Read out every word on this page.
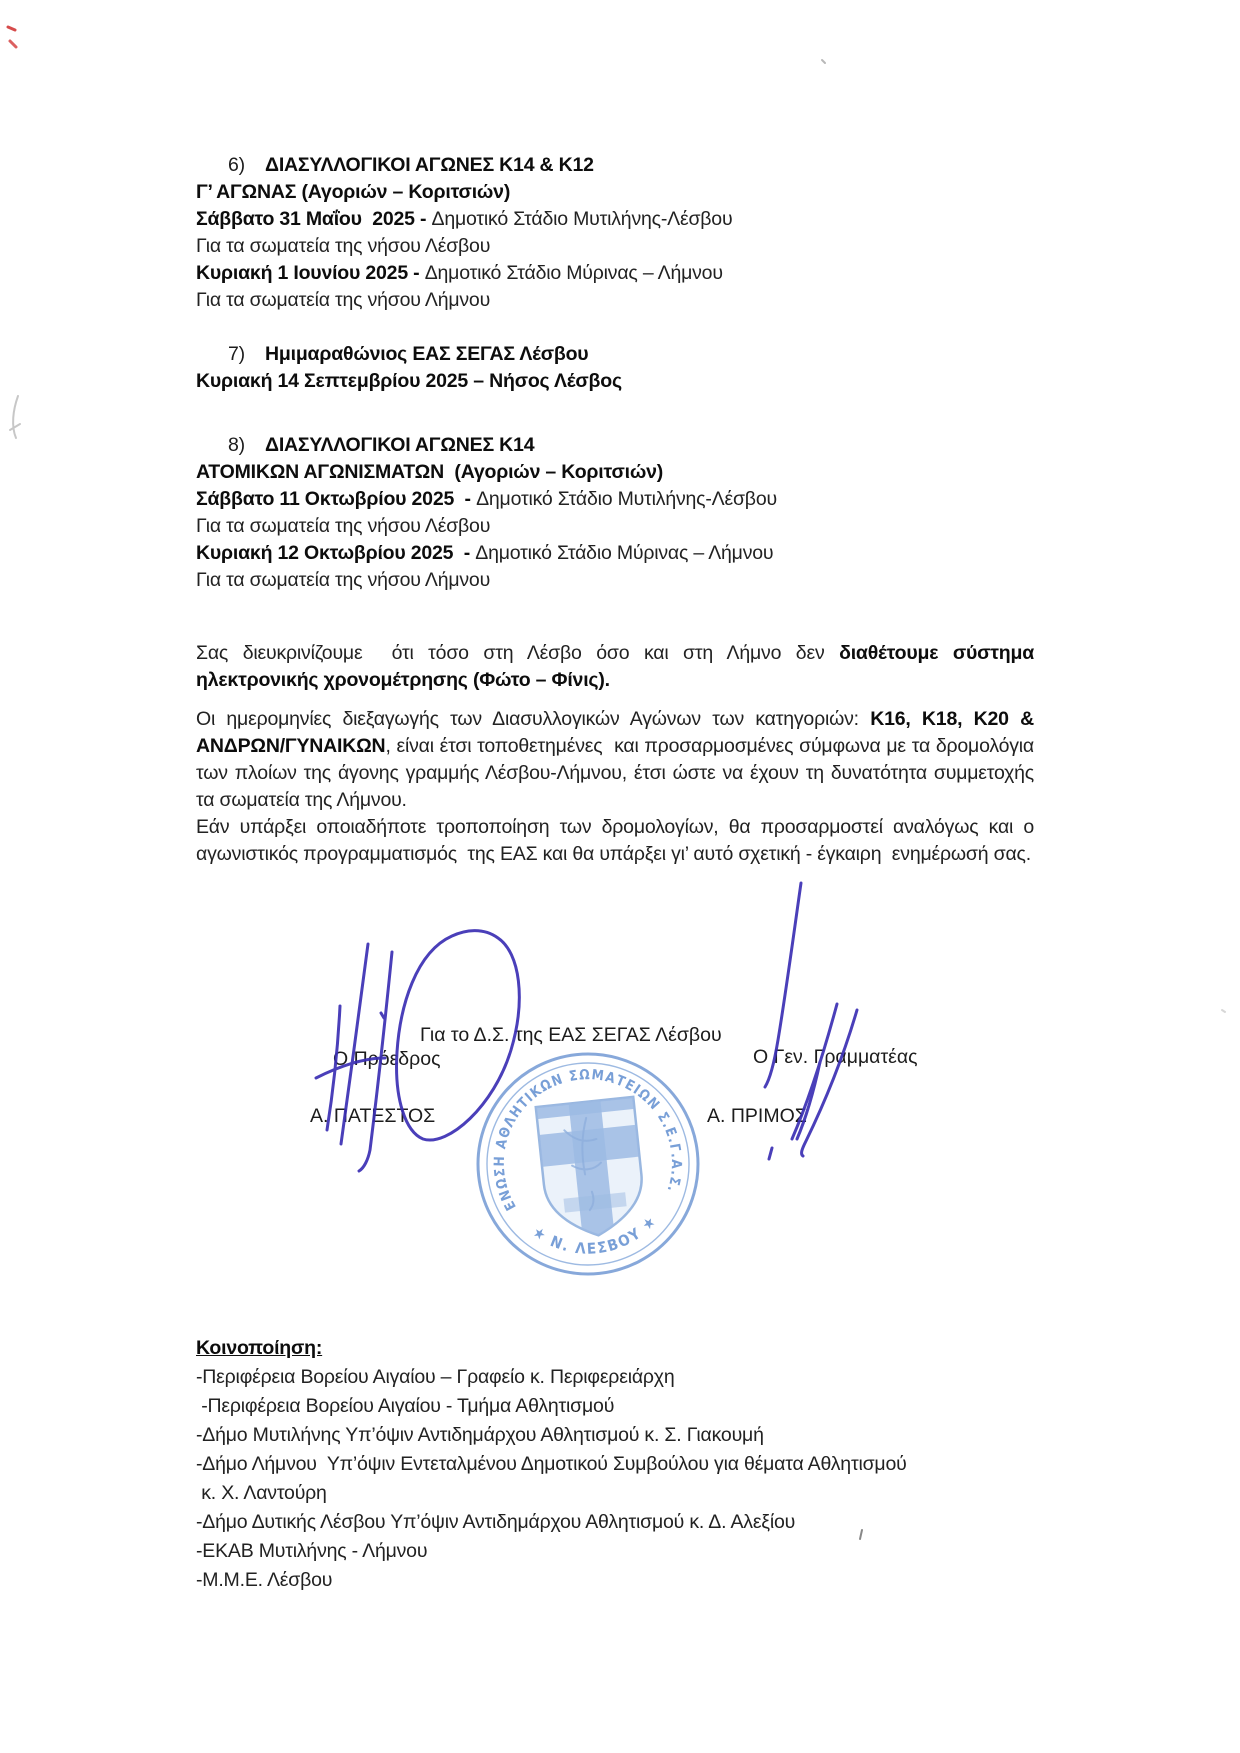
6) ΔΙΑΣΥΛΛΟΓΙΚΟΙ ΑΓΩΝΕΣ Κ14 & Κ12

Γ’ ΑΓΩΝΑΣ (Αγοριών – Κοριτσιών)

Σάββατο 31 Μαΐου  2025 - Δημοτικό Στάδιο Μυτιλήνης-Λέσβου

Για τα σωματεία της νήσου Λέσβου

Κυριακή 1 Ιουνίου 2025 - Δημοτικό Στάδιο Μύρινας – Λήμνου

Για τα σωματεία της νήσου Λήμνου

7) Ημιμαραθώνιος ΕΑΣ ΣΕΓΑΣ Λέσβου

Κυριακή 14 Σεπτεμβρίου 2025 – Νήσος Λέσβος

8) ΔΙΑΣΥΛΛΟΓΙΚΟΙ ΑΓΩΝΕΣ Κ14

ΑΤΟΜΙΚΩΝ ΑΓΩΝΙΣΜΑΤΩΝ  (Αγοριών – Κοριτσιών)

Σάββατο 11 Οκτωβρίου 2025  - Δημοτικό Στάδιο Μυτιλήνης-Λέσβου

Για τα σωματεία της νήσου Λέσβου

Κυριακή 12 Οκτωβρίου 2025  - Δημοτικό Στάδιο Μύρινας – Λήμνου

Για τα σωματεία της νήσου Λήμνου

Σας διευκρινίζουμε  ότι τόσο στη Λέσβο όσο και στη Λήμνο δεν διαθέτουμε σύστημα ηλεκτρονικής χρονομέτρησης (Φώτο – Φίνις).

Οι ημερομηνίες διεξαγωγής των Διασυλλογικών Αγώνων των κατηγοριών: Κ16, Κ18, Κ20 & ΑΝΔΡΩΝ/ΓΥΝΑΙΚΩΝ, είναι έτσι τοποθετημένες  και προσαρμοσμένες σύμφωνα με τα δρομολόγια των πλοίων της άγονης γραμμής Λέσβου-Λήμνου, έτσι ώστε να έχουν τη δυνατότητα συμμετοχής τα σωματεία της Λήμνου.

Εάν υπάρξει οποιαδήποτε τροποποίηση των δρομολογίων, θα προσαρμοστεί αναλόγως και ο αγωνιστικός προγραμματισμός  της ΕΑΣ και θα υπάρξει γι’ αυτό σχετική - έγκαιρη  ενημέρωσή σας.

Για το Δ.Σ. της ΕΑΣ ΣΕΓΑΣ Λέσβου

Ο Πρόεδρος	Ο Γεν. Γραμματέας

Α. ΠΑΤΕΣΤΟΣ	Α. ΠΡΙΜΟΣ

Κοινοποίηση:

-Περιφέρεια Βορείου Αιγαίου – Γραφείο κ. Περιφερειάρχη

-Περιφέρεια Βορείου Αιγαίου - Τμήμα Αθλητισμού

-Δήμο Μυτιλήνης Υπ’όψιν Αντιδημάρχου Αθλητισμού κ. Σ. Γιακουμή

-Δήμο Λήμνου  Υπ’όψιν Εντεταλμένου Δημοτικού Συμβούλου για θέματα Αθλητισμού

κ. Χ. Λαντούρη

-Δήμο Δυτικής Λέσβου Υπ’όψιν Αντιδημάρχου Αθλητισμού κ. Δ. Αλεξίου

-ΕΚΑΒ Μυτιλήνης - Λήμνου

-Μ.Μ.Ε. Λέσβου

ΕΝΩΣΗ ΑΘΛΗΤΙΚΩΝ ΣΩΜΑΤΕΙΩΝ Σ.Ε.Γ.Α.Σ.
★ Ν. ΛΕΣΒΟΥ ★
